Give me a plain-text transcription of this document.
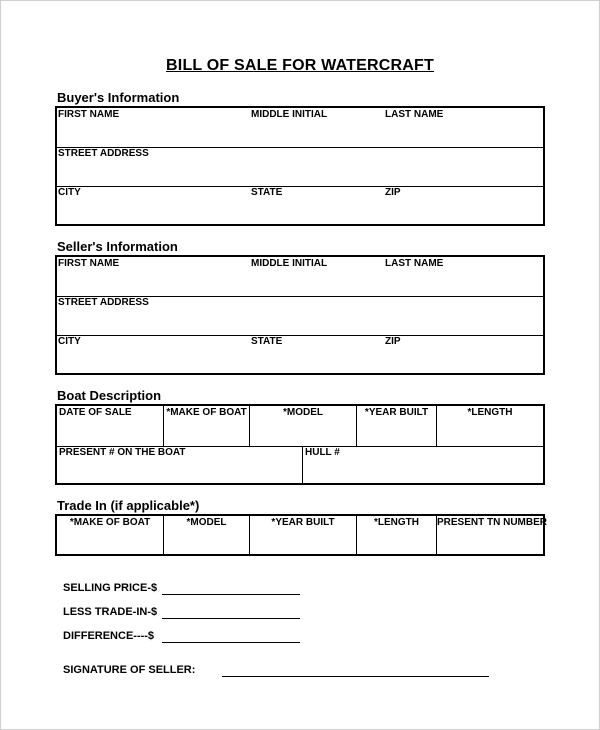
BILL OF SALE FOR WATERCRAFT
Buyer's Information
FIRST NAME	MIDDLE INITIAL	LAST NAME
STREET ADDRESS
CITY	STATE	ZIP
Seller's Information
FIRST NAME	MIDDLE INITIAL	LAST NAME
STREET ADDRESS
CITY	STATE	ZIP
Boat Description
DATE OF SALE	*MAKE OF BOAT	*MODEL	*YEAR BUILT	*LENGTH
PRESENT # ON THE BOAT	HULL #
Trade In (if applicable*)
*MAKE OF BOAT	*MODEL	*YEAR BUILT	*LENGTH	PRESENT TN NUMBER
SELLING PRICE-$
LESS TRADE-IN-$
DIFFERENCE----$
SIGNATURE OF SELLER:
